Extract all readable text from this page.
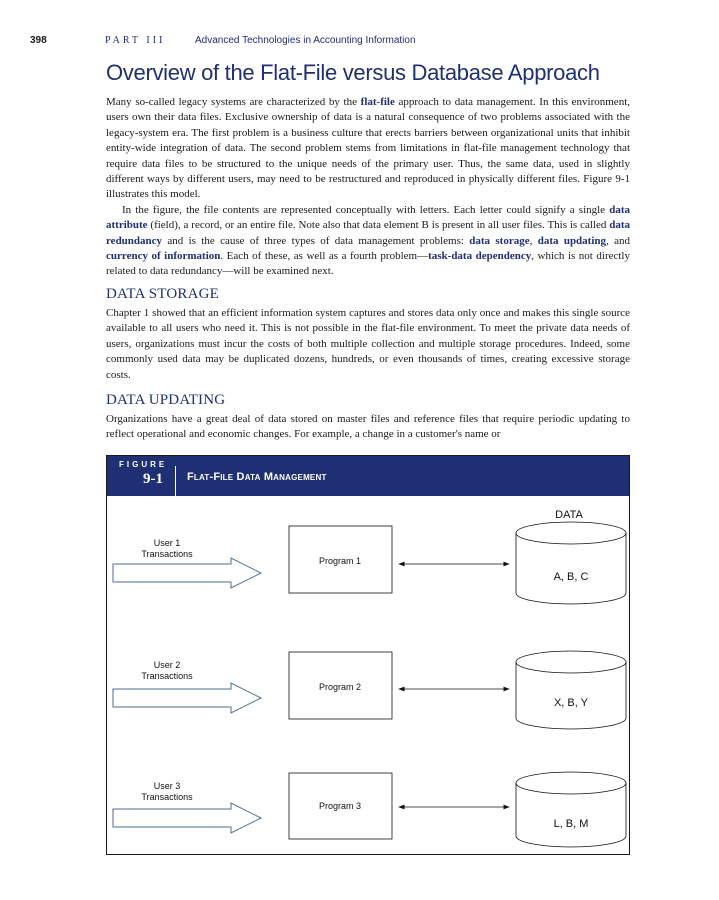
398	PART III	Advanced Technologies in Accounting Information
Overview of the Flat-File versus Database Approach

Many so-called legacy systems are characterized by the flat-file approach to data management. In this environment, users own their data files. Exclusive ownership of data is a natural consequence of two problems associated with the legacy-system era. The first problem is a business culture that erects barriers between organizational units that inhibit entity-wide integration of data. The second problem stems from limitations in flat-file management technology that require data files to be structured to the unique needs of the primary user. Thus, the same data, used in slightly different ways by different users, may need to be restructured and reproduced in physically different files. Figure 9-1 illustrates this model.

In the figure, the file contents are represented conceptually with letters. Each letter could signify a single data attribute (field), a record, or an entire file. Note also that data element B is present in all user files. This is called data redundancy and is the cause of three types of data management problems: data storage, data updating, and currency of information. Each of these, as well as a fourth problem—task-data dependency, which is not directly related to data redundancy—will be examined next.

DATA STORAGE

Chapter 1 showed that an efficient information system captures and stores data only once and makes this single source available to all users who need it. This is not possible in the flat-file environment. To meet the private data needs of users, organizations must incur the costs of both multiple collection and multiple storage procedures. Indeed, some commonly used data may be duplicated dozens, hundreds, or even thousands of times, creating excessive storage costs.

DATA UPDATING

Organizations have a great deal of data stored on master files and reference files that require periodic updating to reflect operational and economic changes. For example, a change in a customer's name or

FIGURE
9-1 Flat-File Data Management
DATA
User 1
Transactions
Program 1
A, B, C
User 2
Transactions
Program 2
X, B, Y
User 3
Transactions
Program 3
L, B, M
